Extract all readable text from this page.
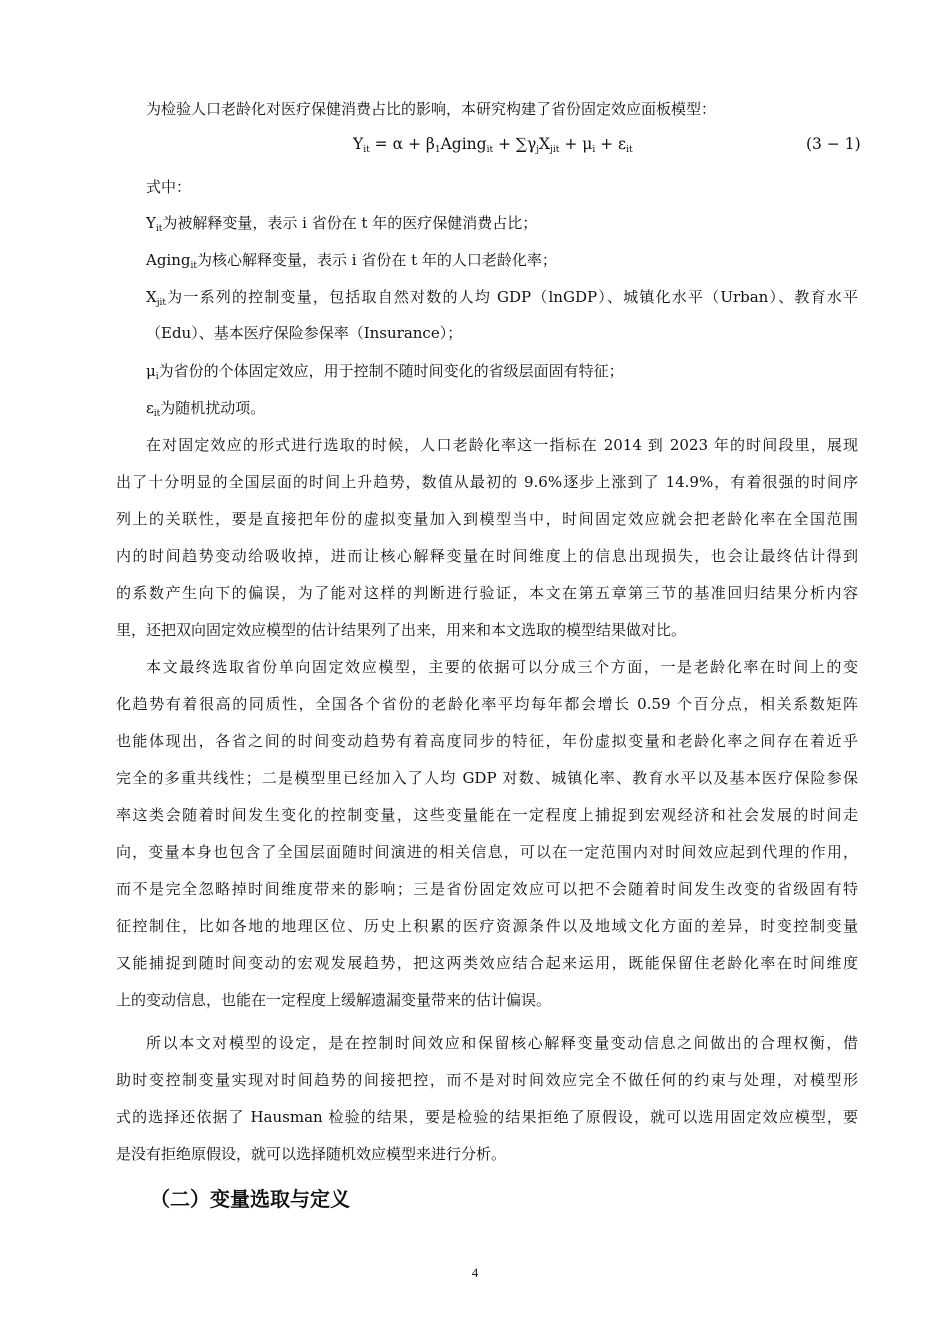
为检验人口老龄化对医疗保健消费占比的影响，本研究构建了省份固定效应面板模型：
$Y_{it} = \alpha$ + $\beta_1Aging_{it} + \sum\gamma_jX_{jit} + \mu_i + \varepsilon_{it}$	(3 − 1)
式中：
$Y_{it}$为被解释变量，表示 i 省份在 t 年的医疗保健消费占比；
Aging$_{it}$为核心解释变量，表示 i 省份在 t 年的人口老龄化率；
$X_{jit}$为一系列的控制变量，包括取自然对数的人均 GDP（lnGDP）、城镇化水平（Urban）、教育水平
（Edu）、基本医疗保险参保率（Insurance）；
$\mu_i$为省份的个体固定效应，用于控制不随时间变化的省级层面固有特征；
$\varepsilon_{it}$为随机扰动项。
在对固定效应的形式进行选取的时候，人口老龄化率这一指标在 2014 到 2023 年的时间段里，展现
出了十分明显的全国层面的时间上升趋势，数值从最初的 9.6%逐步上涨到了 14.9%，有着很强的时间序
列上的关联性，要是直接把年份的虚拟变量加入到模型当中，时间固定效应就会把老龄化率在全国范围
内的时间趋势变动给吸收掉，进而让核心解释变量在时间维度上的信息出现损失，也会让最终估计得到
的系数产生向下的偏误，为了能对这样的判断进行验证，本文在第五章第三节的基准回归结果分析内容
里，还把双向固定效应模型的估计结果列了出来，用来和本文选取的模型结果做对比。
本文最终选取省份单向固定效应模型，主要的依据可以分成三个方面，一是老龄化率在时间上的变
化趋势有着很高的同质性，全国各个省份的老龄化率平均每年都会增长 0.59 个百分点，相关系数矩阵
也能体现出，各省之间的时间变动趋势有着高度同步的特征，年份虚拟变量和老龄化率之间存在着近乎
完全的多重共线性；二是模型里已经加入了人均 GDP 对数、城镇化率、教育水平以及基本医疗保险参保
率这类会随着时间发生变化的控制变量，这些变量能在一定程度上捕捉到宏观经济和社会发展的时间走
向，变量本身也包含了全国层面随时间演进的相关信息，可以在一定范围内对时间效应起到代理的作用，
而不是完全忽略掉时间维度带来的影响；三是省份固定效应可以把不会随着时间发生改变的省级固有特
征控制住，比如各地的地理区位、历史上积累的医疗资源条件以及地域文化方面的差异，时变控制变量
又能捕捉到随时间变动的宏观发展趋势，把这两类效应结合起来运用，既能保留住老龄化率在时间维度
上的变动信息，也能在一定程度上缓解遗漏变量带来的估计偏误。
所以本文对模型的设定，是在控制时间效应和保留核心解释变量变动信息之间做出的合理权衡，借
助时变控制变量实现对时间趋势的间接把控，而不是对时间效应完全不做任何的约束与处理，对模型形
式的选择还依据了 Hausman 检验的结果，要是检验的结果拒绝了原假设，就可以选用固定效应模型，要
是没有拒绝原假设，就可以选择随机效应模型来进行分析。
（二）变量选取与定义
4
